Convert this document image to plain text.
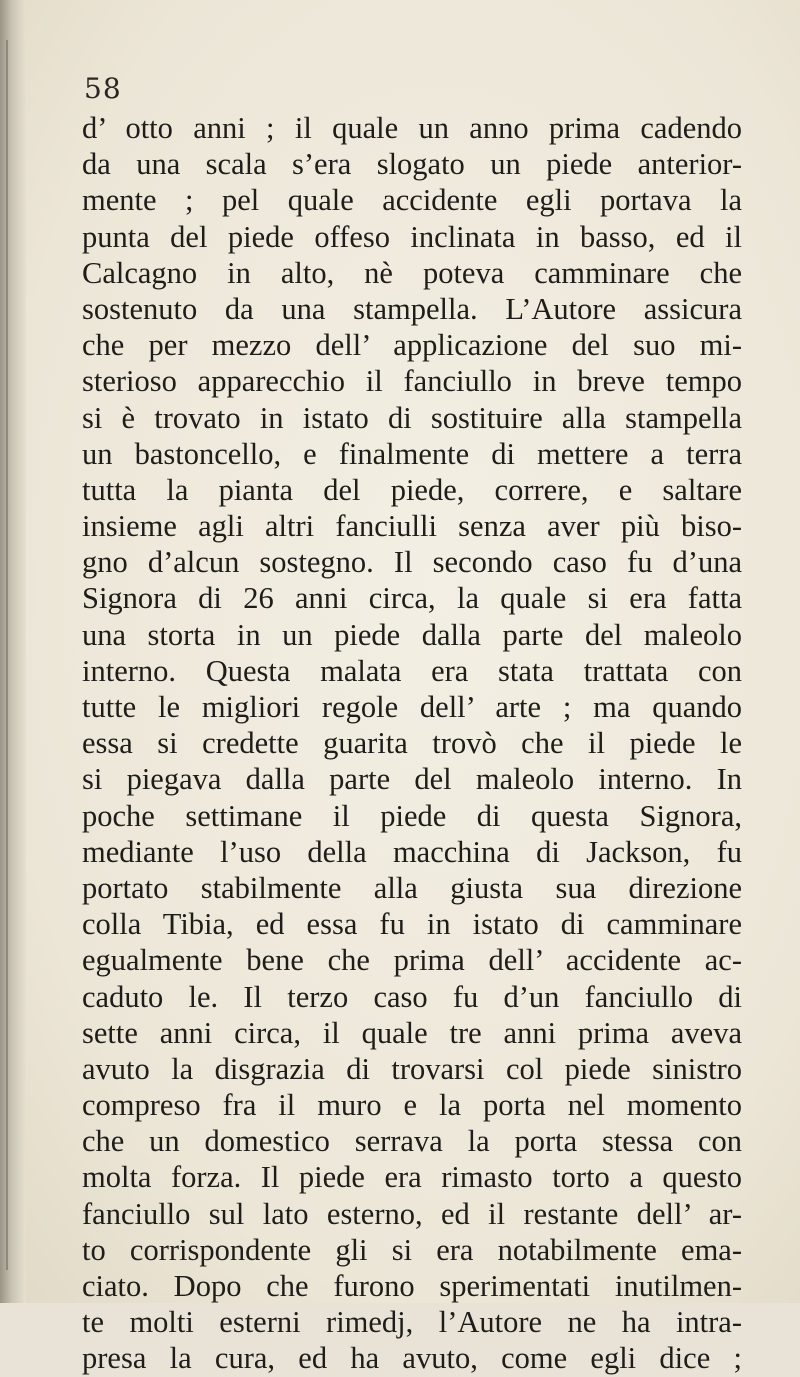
58
d’ otto anni ; il quale un anno prima cadendo
da una scala s’era slogato un piede anterior-
mente ; pel quale accidente egli portava la
punta del piede offeso inclinata in basso, ed il
Calcagno in alto, nè poteva camminare che
sostenuto da una stampella. L’Autore assicura
che per mezzo dell’ applicazione del suo mi-
sterioso apparecchio il fanciullo in breve tempo
si è trovato in istato di sostituire alla stampella
un bastoncello, e finalmente di mettere a terra
tutta la pianta del piede, correre, e saltare
insieme agli altri fanciulli senza aver più biso-
gno d’alcun sostegno. Il secondo caso fu d’una
Signora di 26 anni circa, la quale si era fatta
una storta in un piede dalla parte del maleolo
interno. Questa malata era stata trattata con
tutte le migliori regole dell’ arte ; ma quando
essa si credette guarita trovò che il piede le
si piegava dalla parte del maleolo interno. In
poche settimane il piede di questa Signora,
mediante l’uso della macchina di Jackson, fu
portato stabilmente alla giusta sua direzione
colla Tibia, ed essa fu in istato di camminare
egualmente bene che prima dell’ accidente ac-
caduto le. Il terzo caso fu d’un fanciullo di
sette anni circa, il quale tre anni prima aveva
avuto la disgrazia di trovarsi col piede sinistro
compreso fra il muro e la porta nel momento
che un domestico serrava la porta stessa con
molta forza. Il piede era rimasto torto a questo
fanciullo sul lato esterno, ed il restante dell’ ar-
to corrispondente gli si era notabilmente ema-
ciato. Dopo che furono sperimentati inutilmen-
te molti esterni rimedj, l’Autore ne ha intra-
presa la cura, ed ha avuto, come egli dice ;
